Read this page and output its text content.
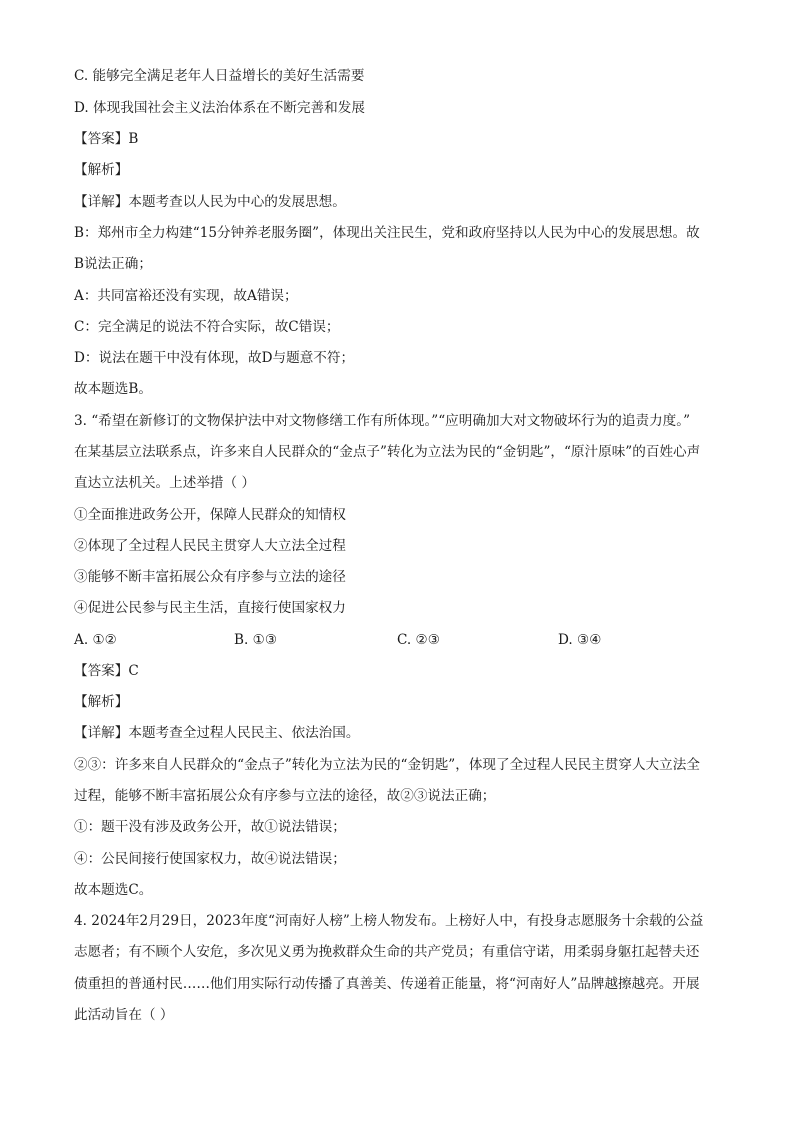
C. 能够完全满足老年人日益增长的美好生活需要
D. 体现我国社会主义法治体系在不断完善和发展
【答案】B
【解析】
【详解】本题考查以人民为中心的发展思想。
B：郑州市全力构建“15分钟养老服务圈”，体现出关注民生，党和政府坚持以人民为中心的发展思想。故
B说法正确；
A：共同富裕还没有实现，故A错误；
C：完全满足的说法不符合实际，故C错误；
D：说法在题干中没有体现，故D与题意不符；
故本题选B。
3. “希望在新修订的文物保护法中对文物修缮工作有所体现。”“应明确加大对文物破坏行为的追责力度。”
在某基层立法联系点，许多来自人民群众的“金点子”转化为立法为民的“金钥匙”，“原汁原味”的百姓心声
直达立法机关。上述举措（ ）
①全面推进政务公开，保障人民群众的知情权
②体现了全过程人民民主贯穿人大立法全过程
③能够不断丰富拓展公众有序参与立法的途径
④促进公民参与民主生活，直接行使国家权力
A. ①②	B. ①③	C. ②③	D. ③④
【答案】C
【解析】
【详解】本题考查全过程人民民主、依法治国。
②③：许多来自人民群众的“金点子”转化为立法为民的“金钥匙”，体现了全过程人民民主贯穿人大立法全
过程，能够不断丰富拓展公众有序参与立法的途径，故②③说法正确；
①：题干没有涉及政务公开，故①说法错误；
④：公民间接行使国家权力，故④说法错误；
故本题选C。
4. 2024年2月29日，2023年度“河南好人榜”上榜人物发布。上榜好人中，有投身志愿服务十余载的公益
志愿者；有不顾个人安危，多次见义勇为挽救群众生命的共产党员；有重信守诺，用柔弱身躯扛起替夫还
债重担的普通村民……他们用实际行动传播了真善美、传递着正能量，将“河南好人”品牌越擦越亮。开展
此活动旨在（ ）
